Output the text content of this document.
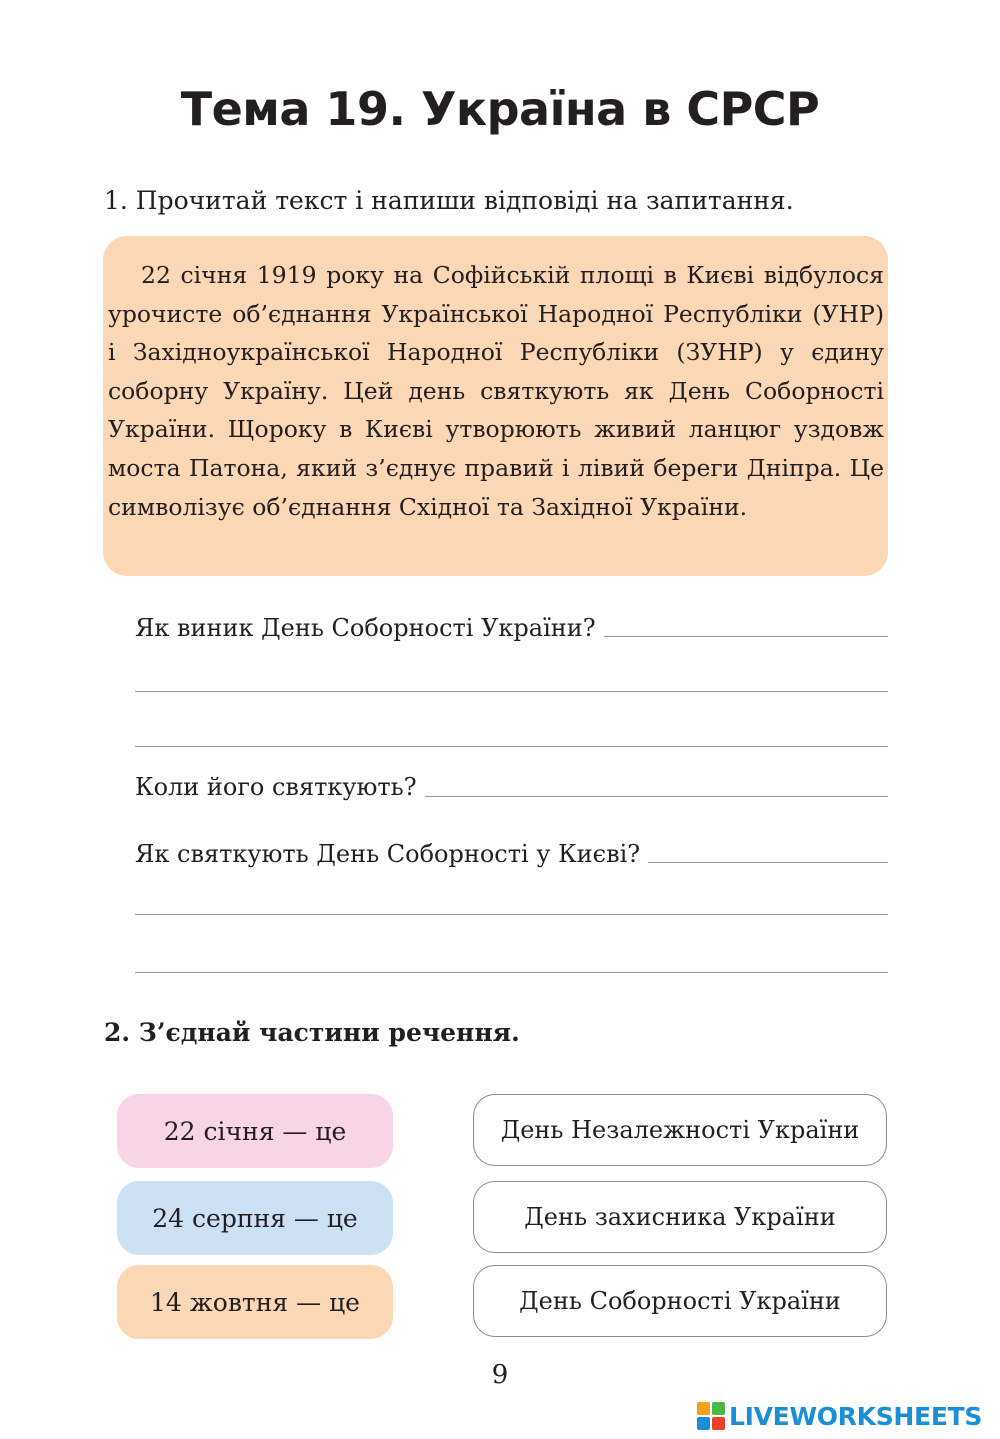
Тема 19. Україна в СРСР
1. Прочитай текст і напиши відповіді на запитання.

22 січня 1919 року на Софійській площі в Києві відбулося урочисте об’єднання Української Народної Республіки (УНР) і Західноукраїнської Народної Республіки (ЗУНР) у єдину соборну Україну. Цей день святкують як День Соборності України. Щороку в Києві утворюють живий ланцюг уздовж моста Патона, який з’єднує правий і лівий береги Дніпра. Це символізує об’єднання Східної та Західної України.

Як виник День Соборності України?
Коли його святкують?
Як святкують День Соборності у Києві?
2. З’єднай частини речення.
22 січня — це
24 серпня — це
14 жовтня — це
День Незалежності України
День захисника України
День Соборності України
9
LIVEWORKSHEETS
